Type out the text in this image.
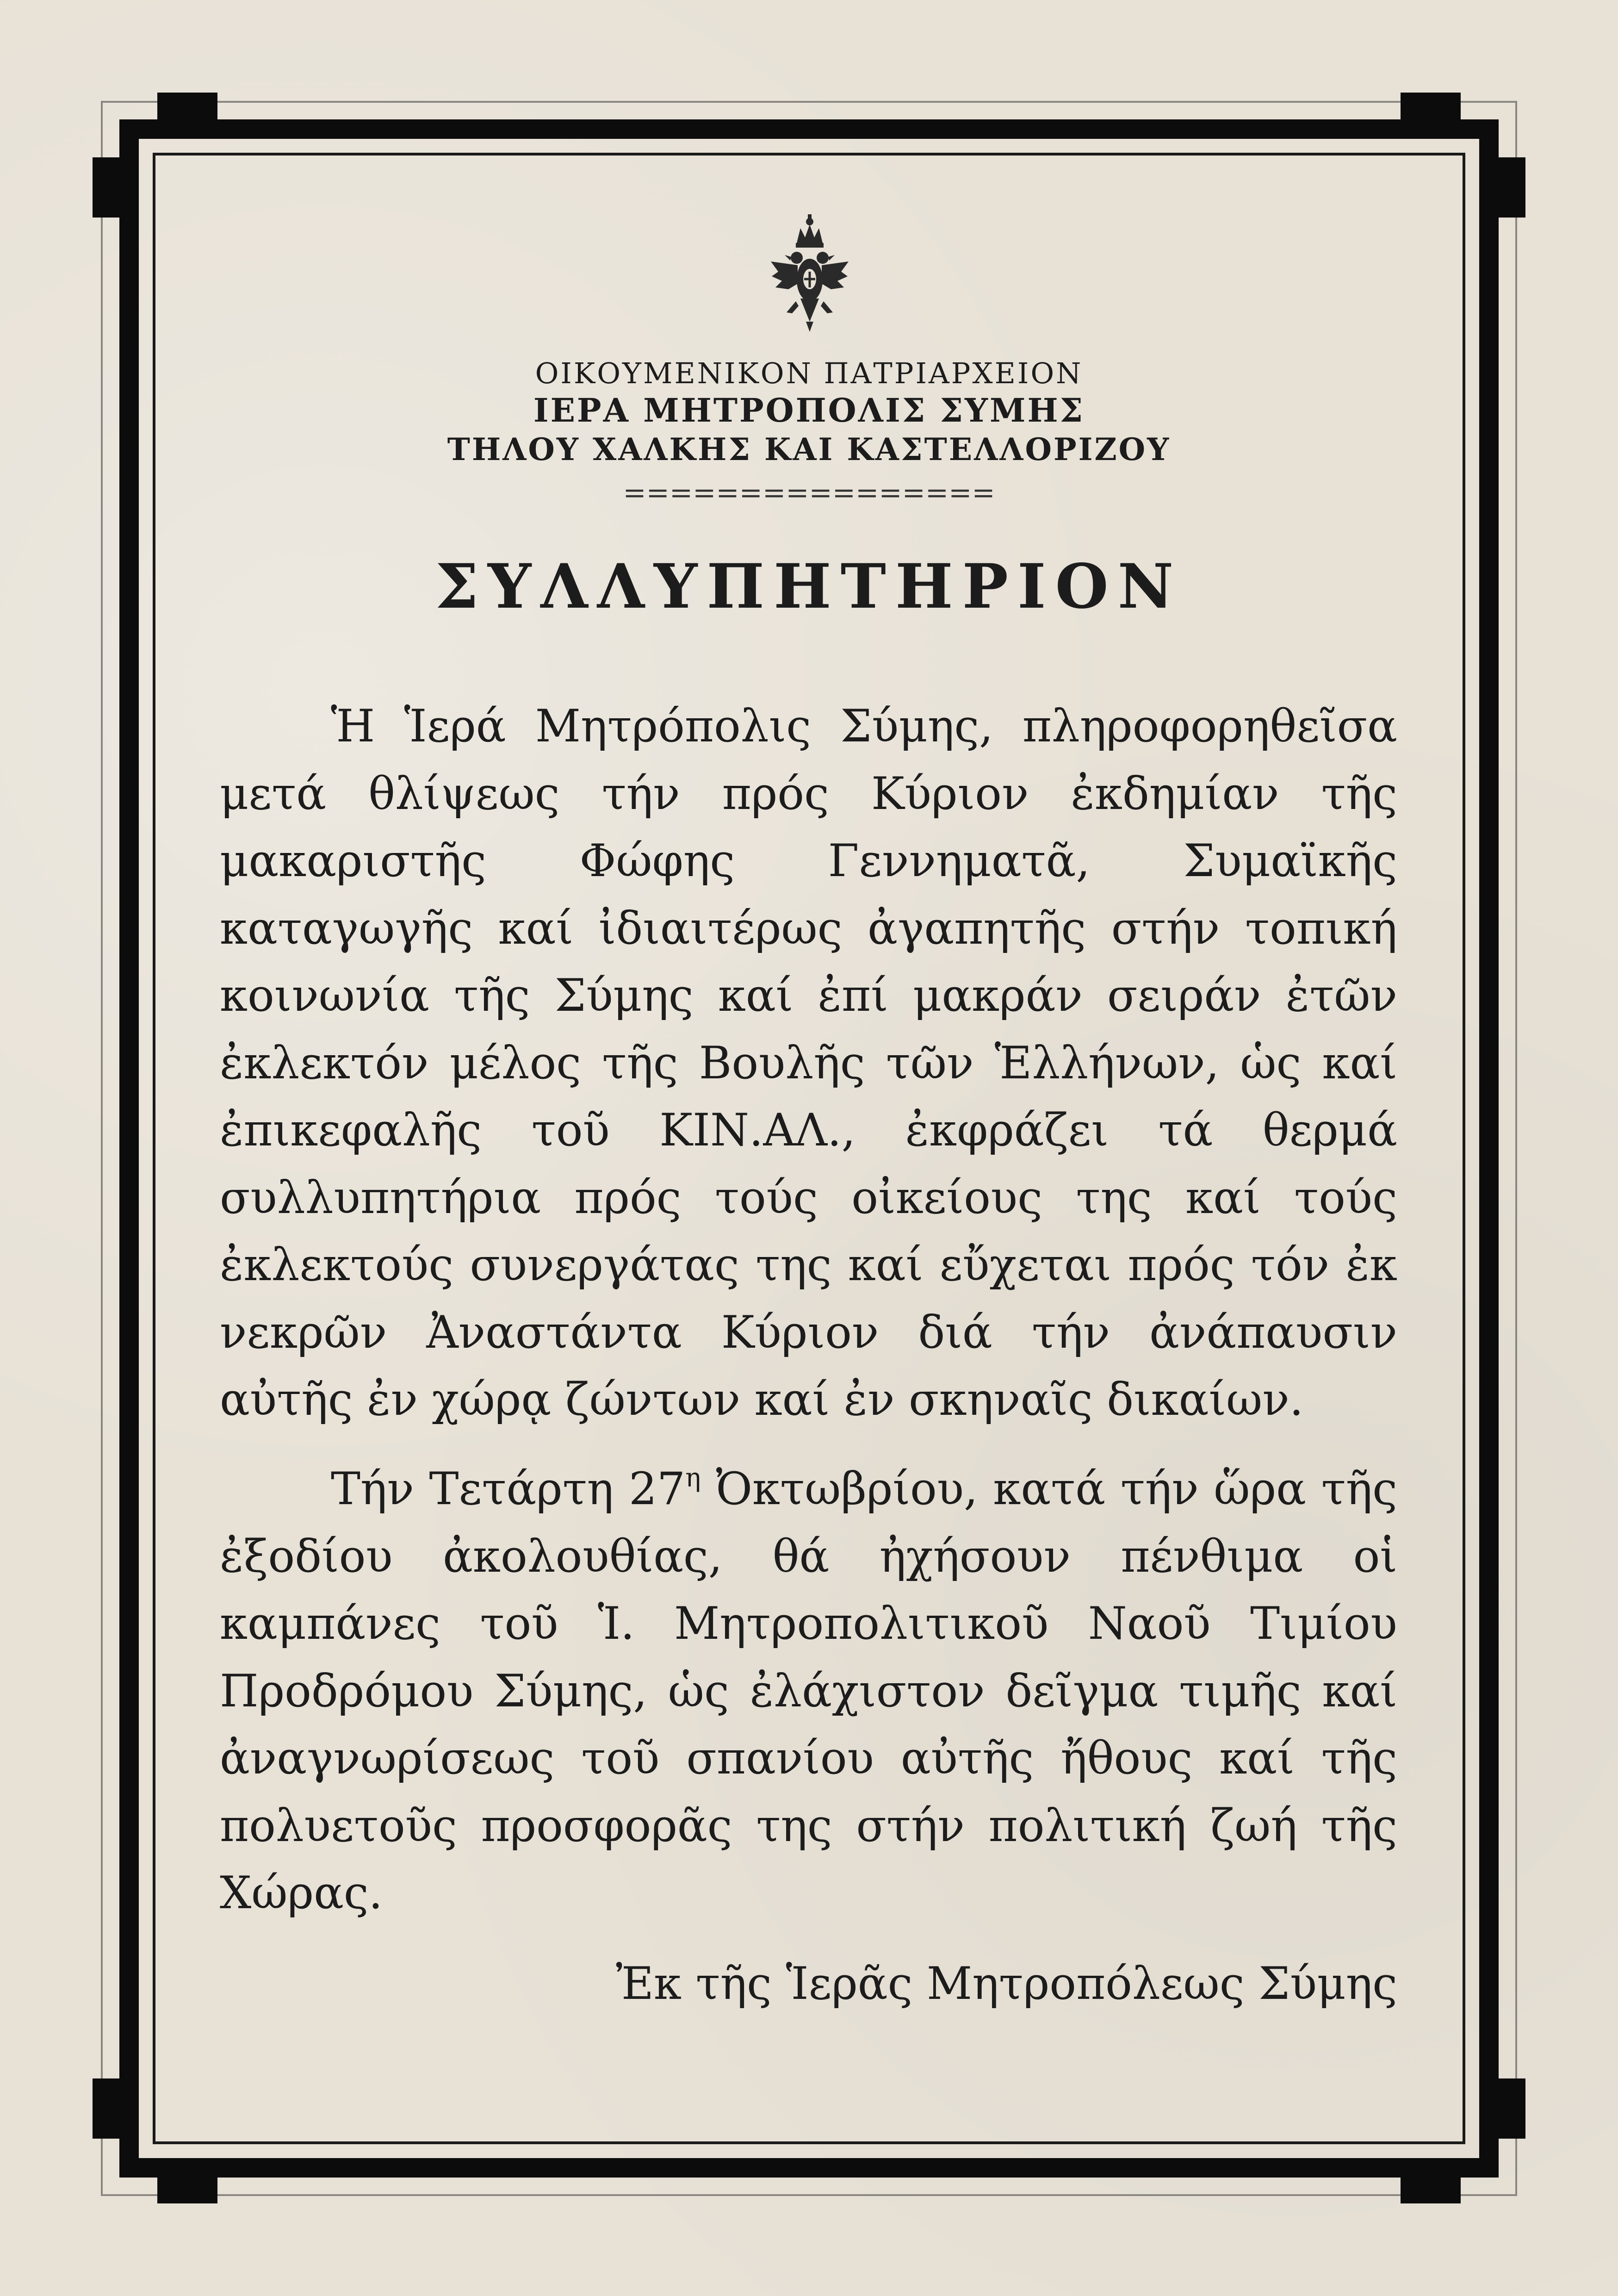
ΟΙΚΟΥΜΕΝΙΚΟΝ ΠΑΤΡΙΑΡΧΕΙΟΝ
ΙΕΡΑ ΜΗΤΡΟΠΟΛΙΣ ΣΥΜΗΣ
ΤΗΛΟΥ ΧΑΛΚΗΣ ΚΑΙ ΚΑΣΤΕΛΛΟΡΙΖΟΥ
================
ΣΥΛΛΥΠΗΤΗΡΙΟΝ
Ἡ Ἱερά Μητρόπολις Σύμης, πληροφορηθεῖσα μετά θλίψεως τήν πρός Κύριον ἐκδημίαν τῆς μακαριστῆς Φώφης Γεννηματᾶ, Συμαϊκῆς καταγωγῆς καί ἰδιαιτέρως ἀγαπητῆς στήν τοπική κοινωνία τῆς Σύμης καί ἐπί μακράν σειράν ἐτῶν ἐκλεκτόν μέλος τῆς Βουλῆς τῶν Ἑλλήνων, ὡς καί ἐπικεφαλῆς τοῦ ΚΙΝ.ΑΛ., ἐκφράζει τά θερμά συλλυπητήρια πρός τούς οἰκείους της καί τούς ἐκλεκτούς συνεργάτας της καί εὔχεται πρός τόν ἐκ νεκρῶν Ἀναστάντα Κύριον διά τήν ἀνάπαυσιν αὐτῆς ἐν χώρᾳ ζώντων καί ἐν σκηναῖς δικαίων.
Τήν Τετάρτη $27^\eta$ Ὀκτωβρίου, κατά τήν ὥρα τῆς ἐξοδίου ἀκολουθίας, θά ἠχήσουν πένθιμα οἱ καμπάνες τοῦ Ἱ. Μητροπολιτικοῦ Ναοῦ Τιμίου Προδρόμου Σύμης, ὡς ἐλάχιστον δεῖγμα τιμῆς καί ἀναγνωρίσεως τοῦ σπανίου αὐτῆς ἤθους καί τῆς πολυετοῦς προσφορᾶς της στήν πολιτική ζωή τῆς Χώρας.
Ἐκ τῆς Ἱερᾶς Μητροπόλεως Σύμης
